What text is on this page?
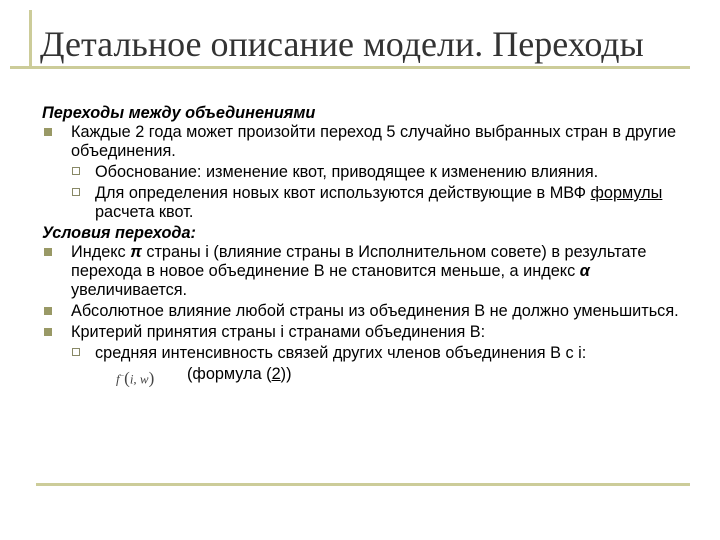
Детальное описание модели. Переходы

Переходы между объединениями

Каждые 2 года может произойти переход 5 случайно выбранных стран в другие объединения.
Обоснование: изменение квот, приводящее к изменению влияния.
Для определения новых квот используются действующие в МВФ формулы расчета квот.

Условия перехода:

Индекс π страны i (влияние страны в Исполнительном совете) в результате перехода в новое объединение B не становится меньше, а индекс α увеличивается.
Абсолютное влияние любой страны из объединения B не должно уменьшиться.
Критерий принятия страны i странами объединения B:
средняя интенсивность связей других членов объединения B с i:
f−(i, w) (формула (2))
